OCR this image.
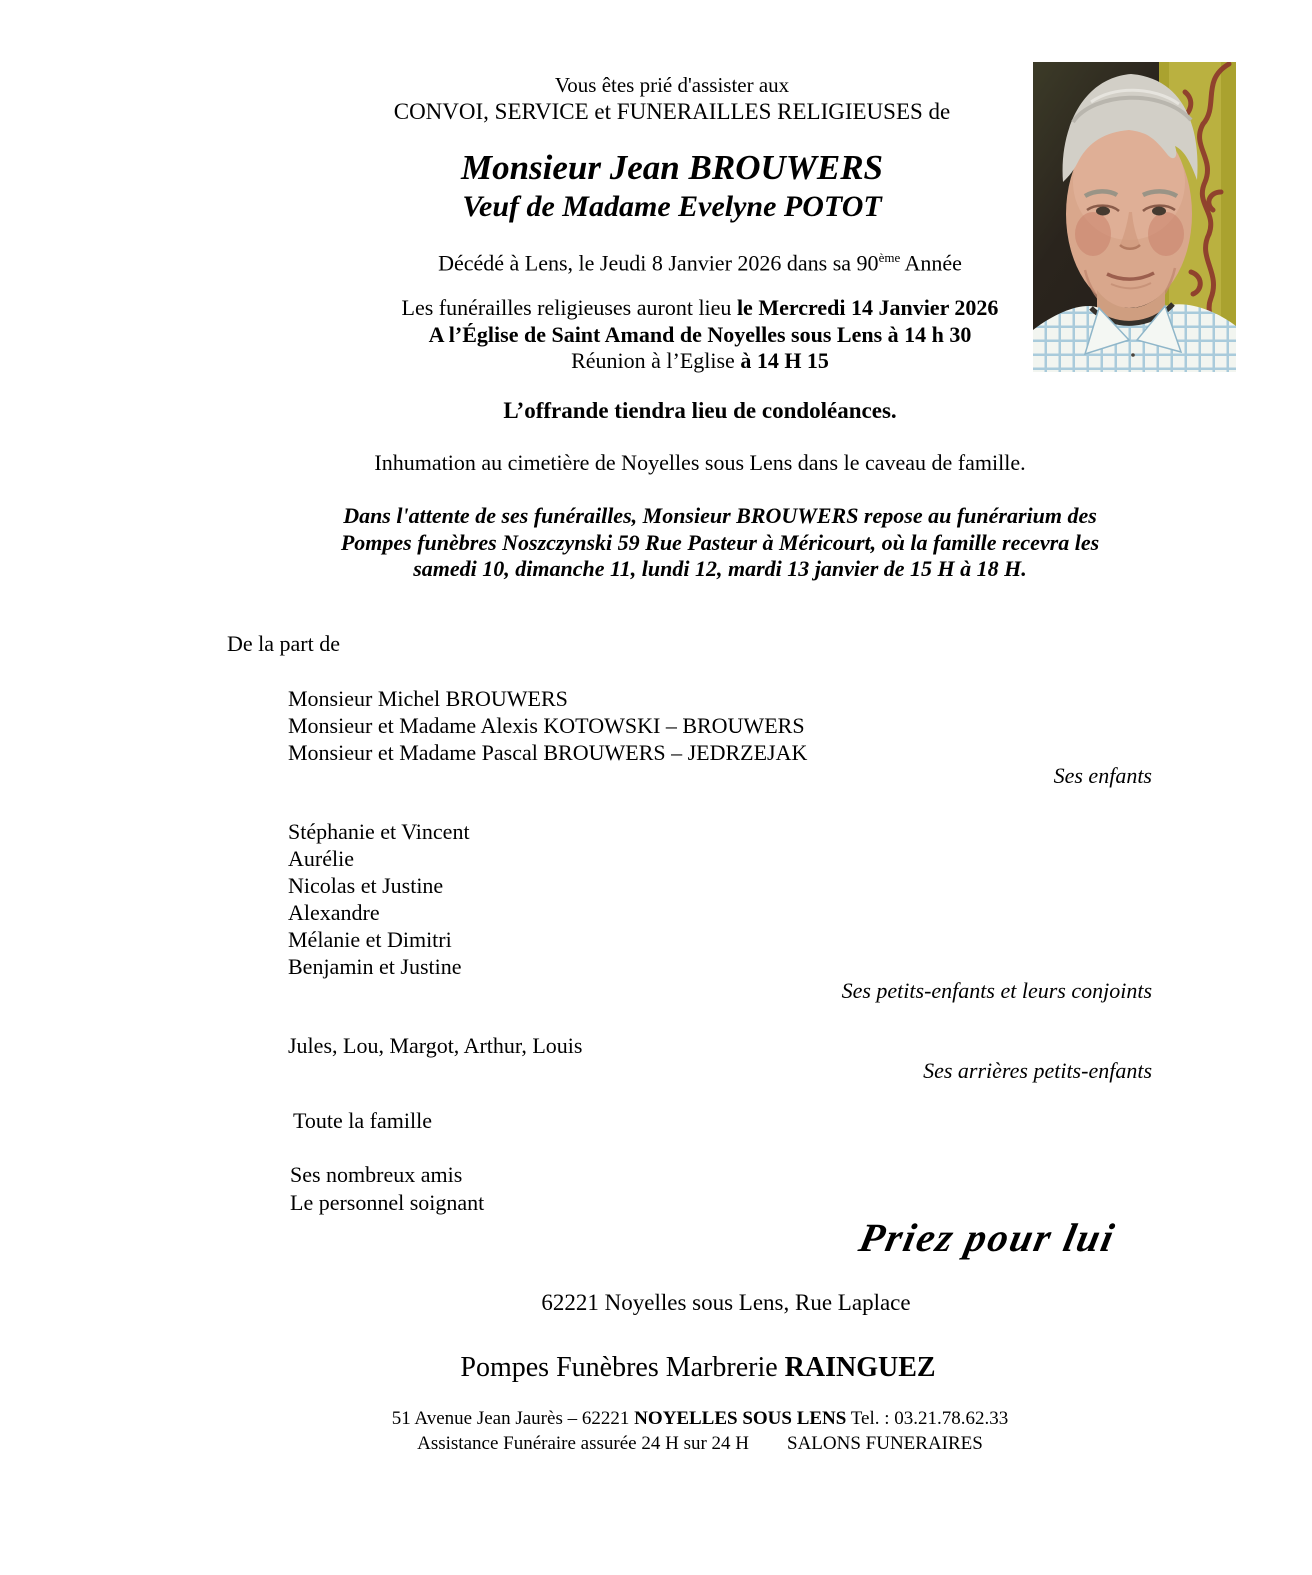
Vous êtes prié d'assister aux
CONVOI, SERVICE et FUNERAILLES RELIGIEUSES de
Monsieur Jean BROUWERS
Veuf de Madame Evelyne POTOT
Décédé à Lens, le Jeudi 8 Janvier 2026 dans sa 90ème Année
Les funérailles religieuses auront lieu le Mercredi 14 Janvier 2026
A l’Église de Saint Amand de Noyelles sous Lens à 14 h 30
Réunion à l’Eglise à 14 H 15
L’offrande tiendra lieu de condoléances.
Inhumation au cimetière de Noyelles sous Lens dans le caveau de famille.
Dans l'attente de ses funérailles, Monsieur BROUWERS repose au funérarium des
Pompes funèbres Noszczynski 59 Rue Pasteur à Méricourt, où la famille recevra les
samedi 10, dimanche 11, lundi 12, mardi 13 janvier de 15 H à 18 H.
De la part de
Monsieur Michel BROUWERS
Monsieur et Madame Alexis KOTOWSKI – BROUWERS
Monsieur et Madame Pascal BROUWERS – JEDRZEJAK
Ses enfants
Stéphanie et Vincent
Aurélie
Nicolas et Justine
Alexandre
Mélanie et Dimitri
Benjamin et Justine
Ses petits-enfants et leurs conjoints
Jules, Lou, Margot, Arthur, Louis
Ses arrières petits-enfants
Toute la famille
Ses nombreux amis
Le personnel soignant
Priez pour lui
62221 Noyelles sous Lens, Rue Laplace
Pompes Funèbres Marbrerie RAINGUEZ
51 Avenue Jean Jaurès – 62221 NOYELLES SOUS LENS Tel. : 03.21.78.62.33
Assistance Funéraire assurée 24 H sur 24 H SALONS FUNERAIRES
